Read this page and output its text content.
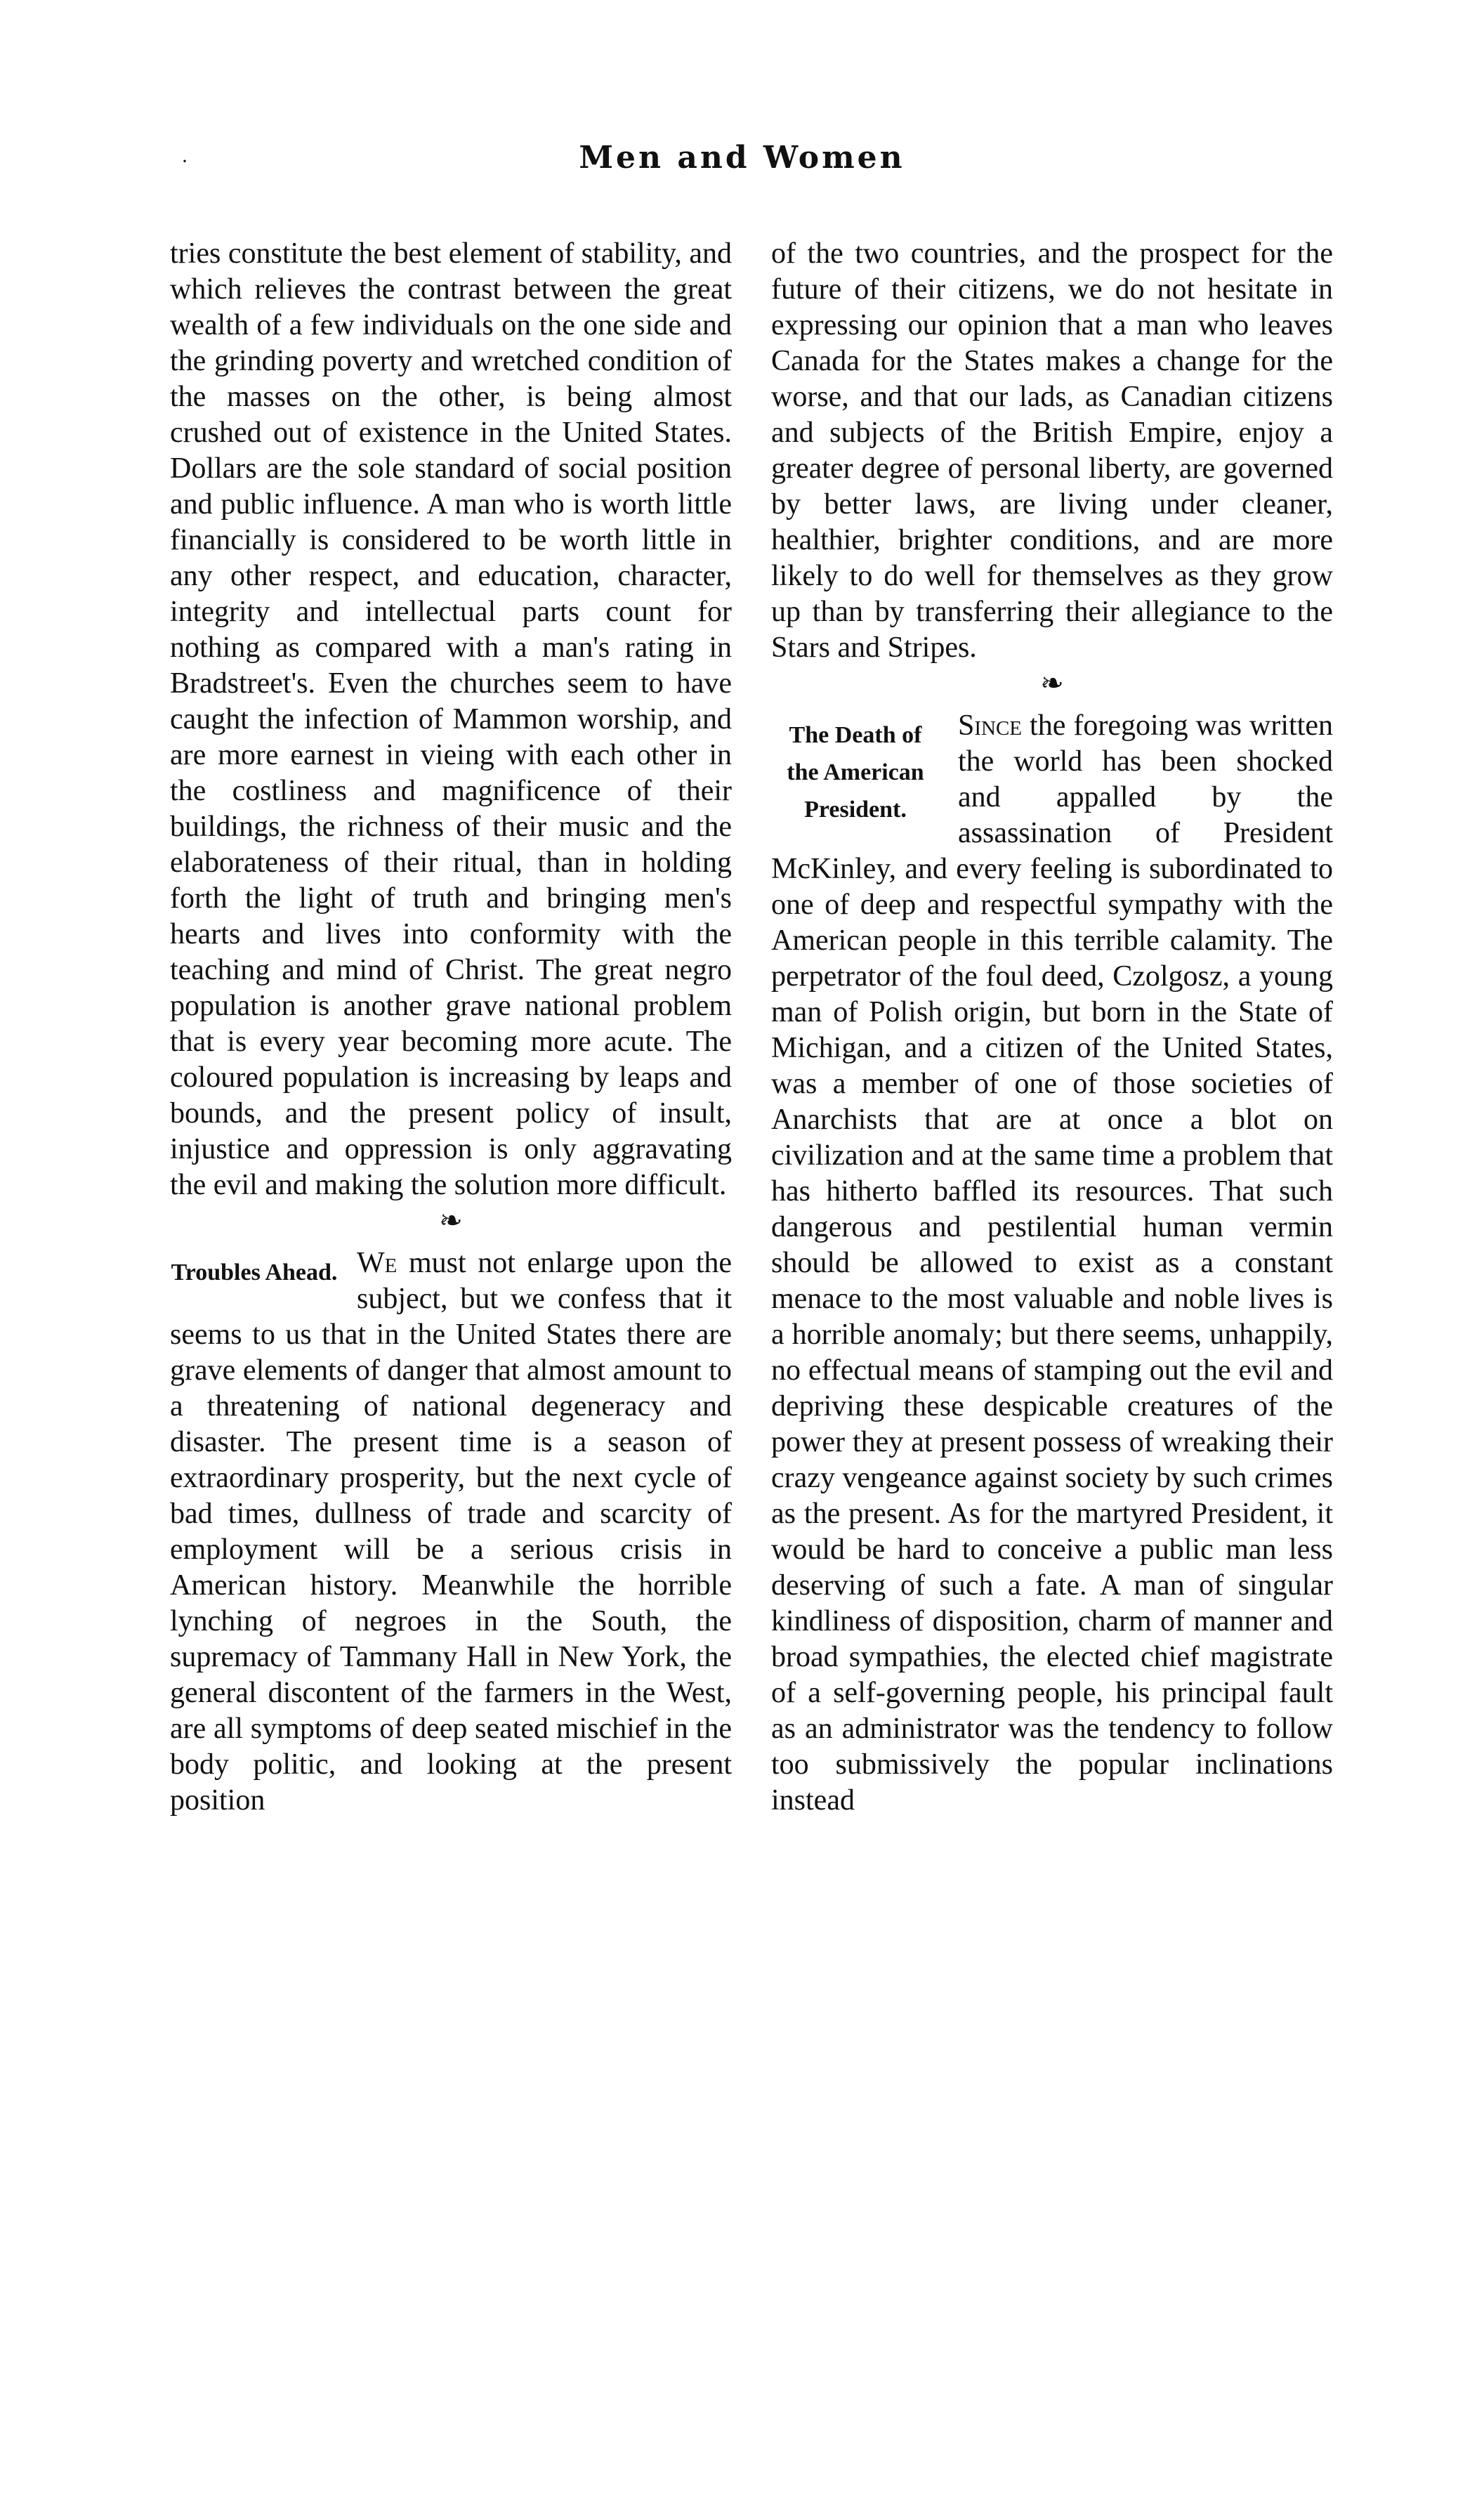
·	Men and Women

tries constitute the best element of stability, and which relieves the contrast between the great wealth of a few individuals on the one side and the grinding poverty and wretched condition of the masses on the other, is being almost crushed out of existence in the United States. Dollars are the sole standard of social position and public influence. A man who is worth little financially is considered to be worth little in any other respect, and education, character, integrity and intellectual parts count for nothing as compared with a man's rating in Bradstreet's. Even the churches seem to have caught the infection of Mammon worship, and are more earnest in vieing with each other in the costliness and magnificence of their buildings, the richness of their music and the elaborateness of their ritual, than in holding forth the light of truth and bringing men's hearts and lives into conformity with the teaching and mind of Christ. The great negro population is another grave national problem that is every year becoming more acute. The coloured population is increasing by leaps and bounds, and the present policy of insult, injustice and oppression is only aggravating the evil and making the solution more difficult.

❧
Troubles Ahead. We must not enlarge upon the subject, but we confess that it seems to us that in the United States there are grave elements of danger that almost amount to a threatening of national degeneracy and disaster. The present time is a season of extraordinary prosperity, but the next cycle of bad times, dullness of trade and scarcity of employment will be a serious crisis in American history. Meanwhile the horrible lynching of negroes in the South, the supremacy of Tammany Hall in New York, the general discontent of the farmers in the West, are all symptoms of deep seated mischief in the body politic, and looking at the present position

of the two countries, and the prospect for the future of their citizens, we do not hesitate in expressing our opinion that a man who leaves Canada for the States makes a change for the worse, and that our lads, as Canadian citizens and subjects of the British Empire, enjoy a greater degree of personal liberty, are governed by better laws, are living under cleaner, healthier, brighter conditions, and are more likely to do well for themselves as they grow up than by transferring their allegiance to the Stars and Stripes.

❧
The Death of the American President.

Since the foregoing was written the world has been shocked and appalled by the assassination of President McKinley, and every feeling is subordinated to one of deep and respectful sympathy with the American people in this terrible calamity. The perpetrator of the foul deed, Czolgosz, a young man of Polish origin, but born in the State of Michigan, and a citizen of the United States, was a member of one of those societies of Anarchists that are at once a blot on civilization and at the same time a problem that has hitherto baffled its resources. That such dangerous and pestilential human vermin should be allowed to exist as a constant menace to the most valuable and noble lives is a horrible anomaly; but there seems, unhappily, no effectual means of stamping out the evil and depriving these despicable creatures of the power they at present possess of wreaking their crazy vengeance against society by such crimes as the present. As for the martyred President, it would be hard to conceive a public man less deserving of such a fate. A man of singular kindliness of disposition, charm of manner and broad sympathies, the elected chief magistrate of a self-governing people, his principal fault as an administrator was the tendency to follow too submissively the popular inclinations instead
